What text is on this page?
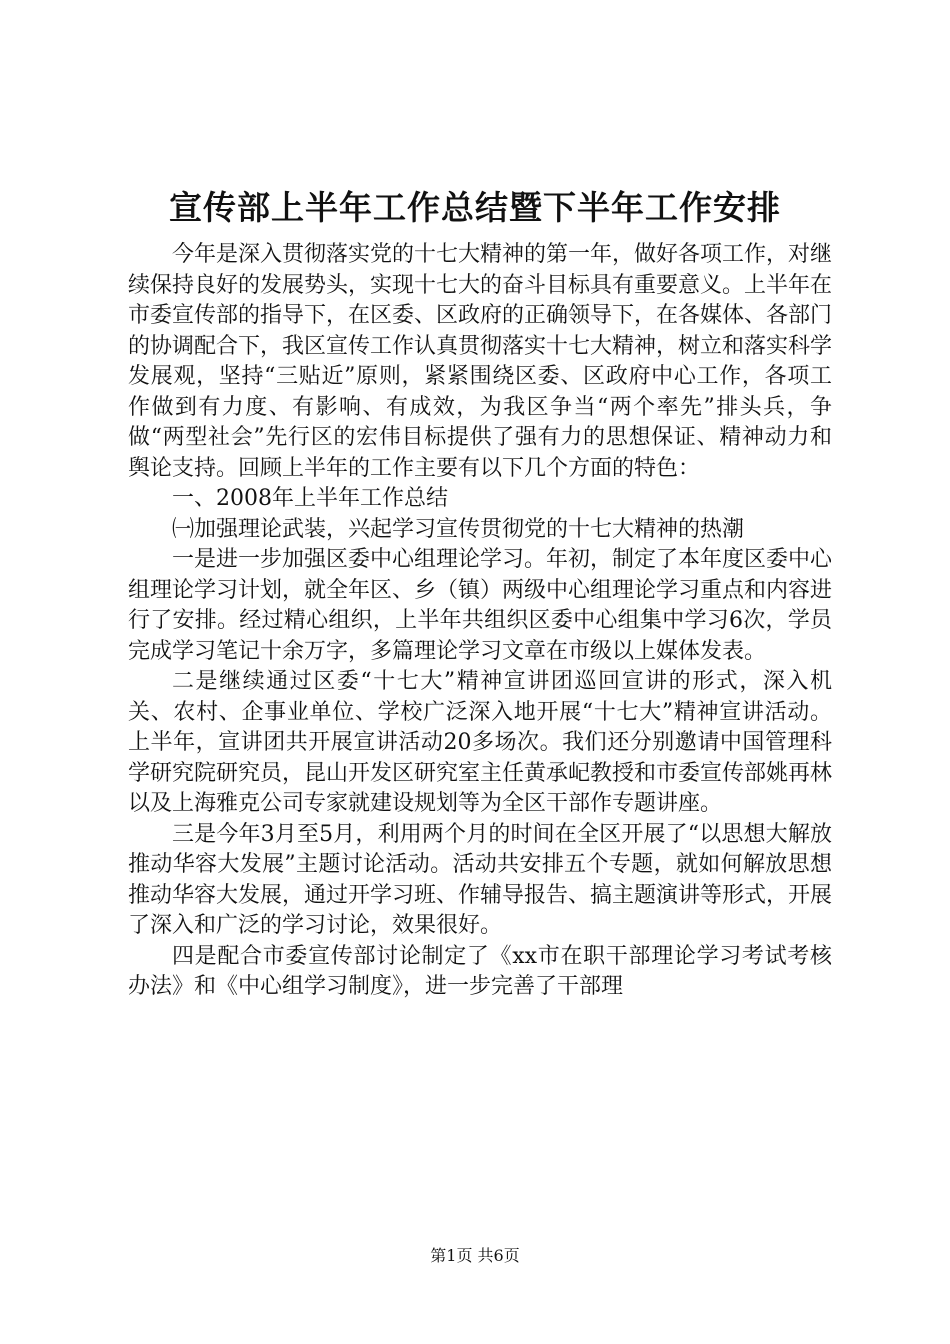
宣传部上半年工作总结暨下半年工作安排

今年是深入贯彻落实党的十七大精神的第一年，做好各项工作，对继续保持良好的发展势头，实现十七大的奋斗目标具有重要意义。上半年在市委宣传部的指导下，在区委、区政府的正确领导下，在各媒体、各部门的协调配合下，我区宣传工作认真贯彻落实十七大精神，树立和落实科学发展观，坚持“三贴近”原则，紧紧围绕区委、区政府中心工作，各项工作做到有力度、有影响、有成效，为我区争当“两个率先”排头兵，争做“两型社会”先行区的宏伟目标提供了强有力的思想保证、精神动力和舆论支持。回顾上半年的工作主要有以下几个方面的特色：

一、2008年上半年工作总结

㈠加强理论武装，兴起学习宣传贯彻党的十七大精神的热潮

一是进一步加强区委中心组理论学习。年初，制定了本年度区委中心组理论学习计划，就全年区、乡（镇）两级中心组理论学习重点和内容进行了安排。经过精心组织，上半年共组织区委中心组集中学习6次，学员完成学习笔记十余万字，多篇理论学习文章在市级以上媒体发表。

二是继续通过区委“十七大”精神宣讲团巡回宣讲的形式，深入机关、农村、企事业单位、学校广泛深入地开展“十七大”精神宣讲活动。上半年，宣讲团共开展宣讲活动20多场次。我们还分别邀请中国管理科学研究院研究员，昆山开发区研究室主任黄承屺教授和市委宣传部姚再林以及上海雅克公司专家就建设规划等为全区干部作专题讲座。

三是今年3月至5月，利用两个月的时间在全区开展了“以思想大解放推动华容大发展”主题讨论活动。活动共安排五个专题，就如何解放思想推动华容大发展，通过开学习班、作辅导报告、搞主题演讲等形式，开展了深入和广泛的学习讨论，效果很好。

四是配合市委宣传部讨论制定了《xx市在职干部理论学习考试考核办法》和《中心组学习制度》，进一步完善了干部理

第1页 共6页
